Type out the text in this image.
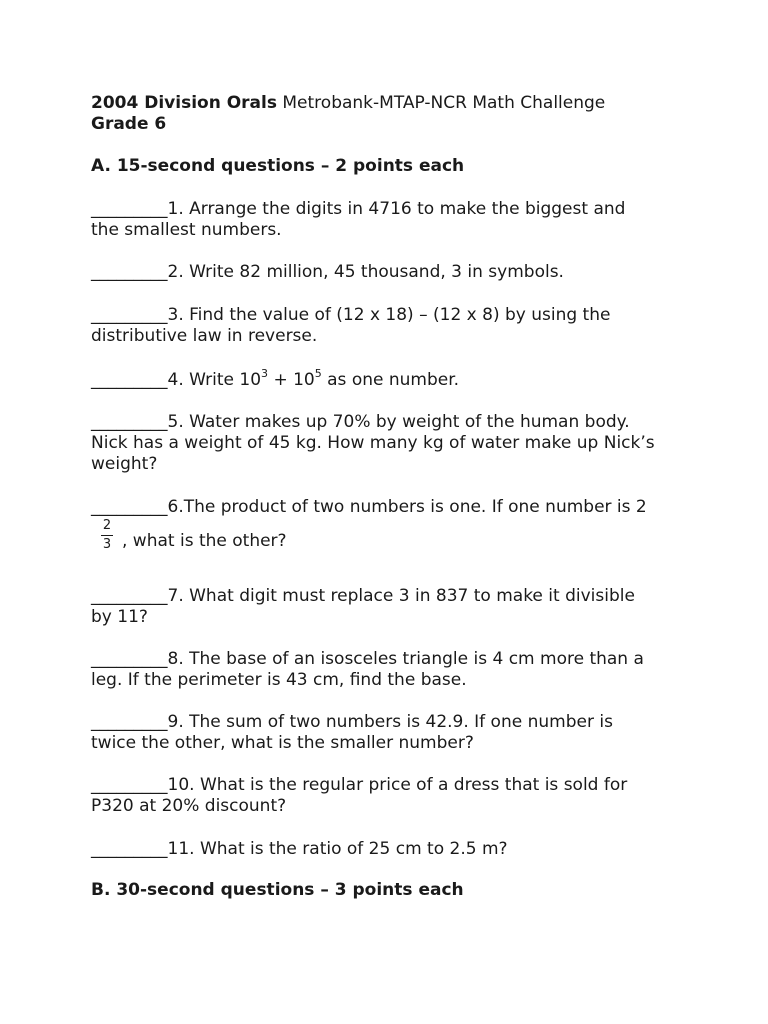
2004 Division Orals Metrobank-MTAP-NCR Math Challenge
Grade 6
A. 15-second questions – 2 points each
_________1. Arrange the digits in 4716 to make the biggest and
the smallest numbers.
_________2. Write 82 million, 45 thousand, 3 in symbols.
_________3. Find the value of (12 x 18) – (12 x 8) by using the
distributive law in reverse.
_________4. Write $10^3 + 10^5$ as one number.
_________5. Water makes up 70% by weight of the human body.
Nick has a weight of 45 kg. How many kg of water make up Nick’s
weight?
_________6.The product of two numbers is one. If one number is 2
$\frac{2}{3}$ , what is the other?
_________7. What digit must replace 3 in 837 to make it divisible
by 11?
_________8. The base of an isosceles triangle is 4 cm more than a
leg. If the perimeter is 43 cm, find the base.
_________9. The sum of two numbers is 42.9. If one number is
twice the other, what is the smaller number?
_________10. What is the regular price of a dress that is sold for
P320 at 20% discount?
_________11. What is the ratio of 25 cm to 2.5 m?
B. 30-second questions – 3 points each
